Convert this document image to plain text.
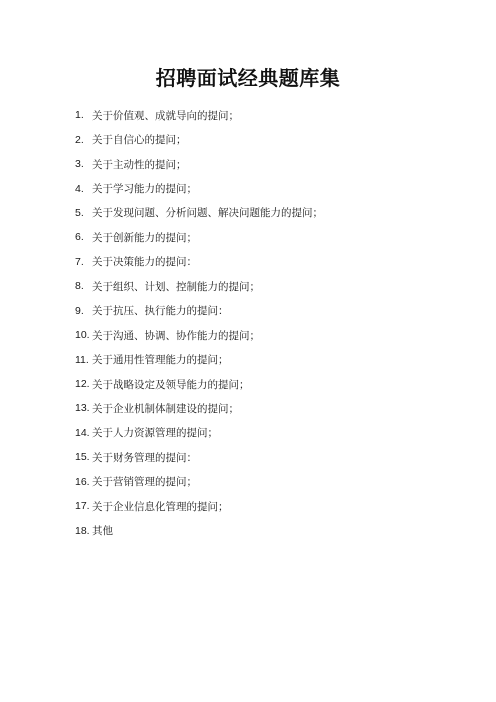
招聘面试经典题库集
1. 关于价值观、成就导向的提问；
2. 关于自信心的提问；
3. 关于主动性的提问；
4. 关于学习能力的提问；
5. 关于发现问题、分析问题、解决问题能力的提问；
6. 关于创新能力的提问；
7. 关于决策能力的提问：
8. 关于组织、计划、控制能力的提问；
9. 关于抗压、执行能力的提问：
10. 关于沟通、协调、协作能力的提问；
11. 关于通用性管理能力的提问；
12. 关于战略设定及领导能力的提问；
13. 关于企业机制体制建设的提问；
14. 关于人力资源管理的提问；
15. 关于财务管理的提问：
16. 关于营销管理的提问；
17. 关于企业信息化管理的提问；
18. 其他
